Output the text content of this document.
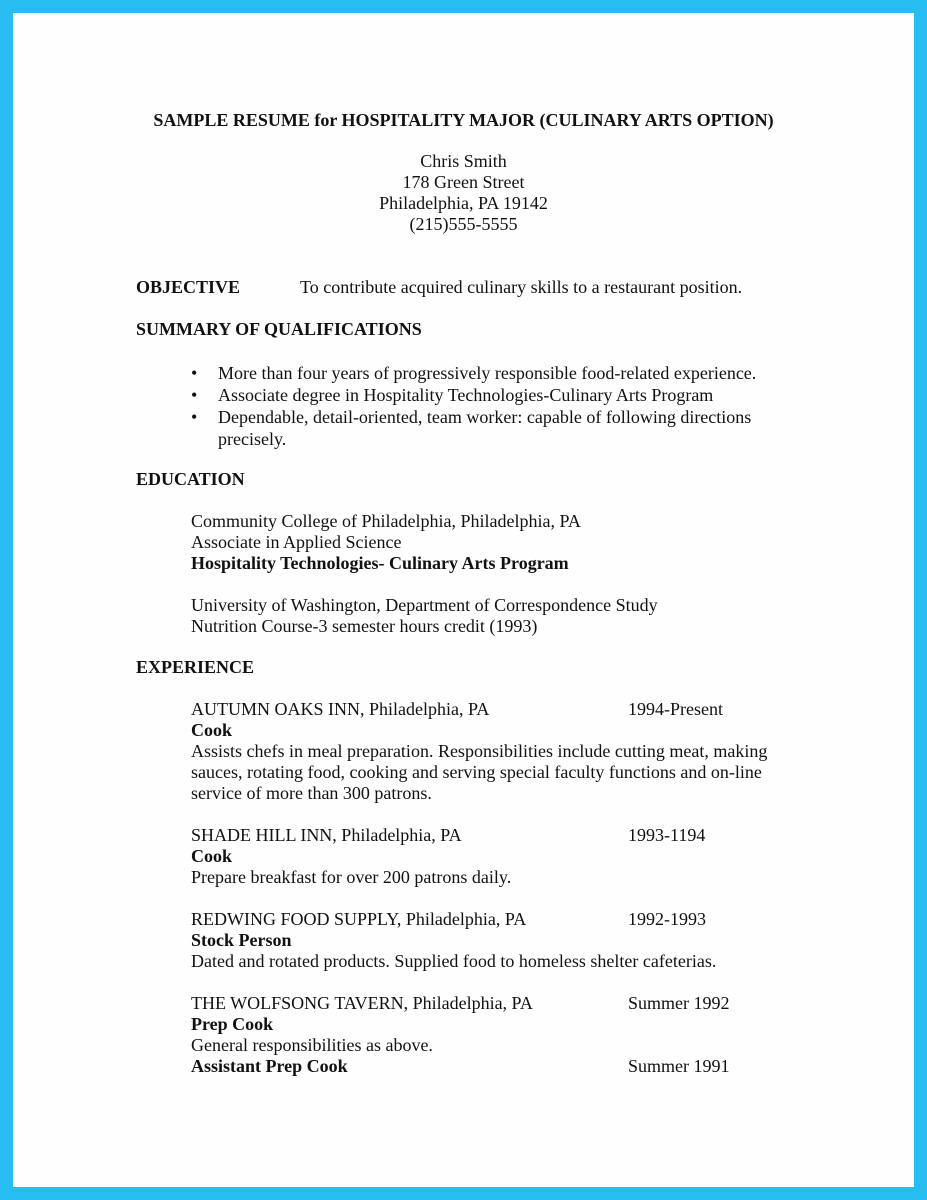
SAMPLE RESUME for HOSPITALITY MAJOR (CULINARY ARTS OPTION)
Chris Smith
178 Green Street
Philadelphia, PA 19142
(215)555-5555
OBJECTIVE	To contribute acquired culinary skills to a restaurant position.
SUMMARY OF QUALIFICATIONS
• More than four years of progressively responsible food-related experience.
• Associate degree in Hospitality Technologies-Culinary Arts Program
• Dependable, detail-oriented, team worker: capable of following directions precisely.
EDUCATION
Community College of Philadelphia, Philadelphia, PA
Associate in Applied Science
Hospitality Technologies- Culinary Arts Program
University of Washington, Department of Correspondence Study
Nutrition Course-3 semester hours credit (1993)
EXPERIENCE
AUTUMN OAKS INN, Philadelphia, PA	1994-Present
Cook
Assists chefs in meal preparation. Responsibilities include cutting meat, making sauces, rotating food, cooking and serving special faculty functions and on-line service of more than 300 patrons.
SHADE HILL INN, Philadelphia, PA	1993-1194
Cook
Prepare breakfast for over 200 patrons daily.
REDWING FOOD SUPPLY, Philadelphia, PA	1992-1993
Stock Person
Dated and rotated products. Supplied food to homeless shelter cafeterias.
THE WOLFSONG TAVERN, Philadelphia, PA	Summer 1992
Prep Cook
General responsibilities as above.
Assistant Prep Cook	Summer 1991
